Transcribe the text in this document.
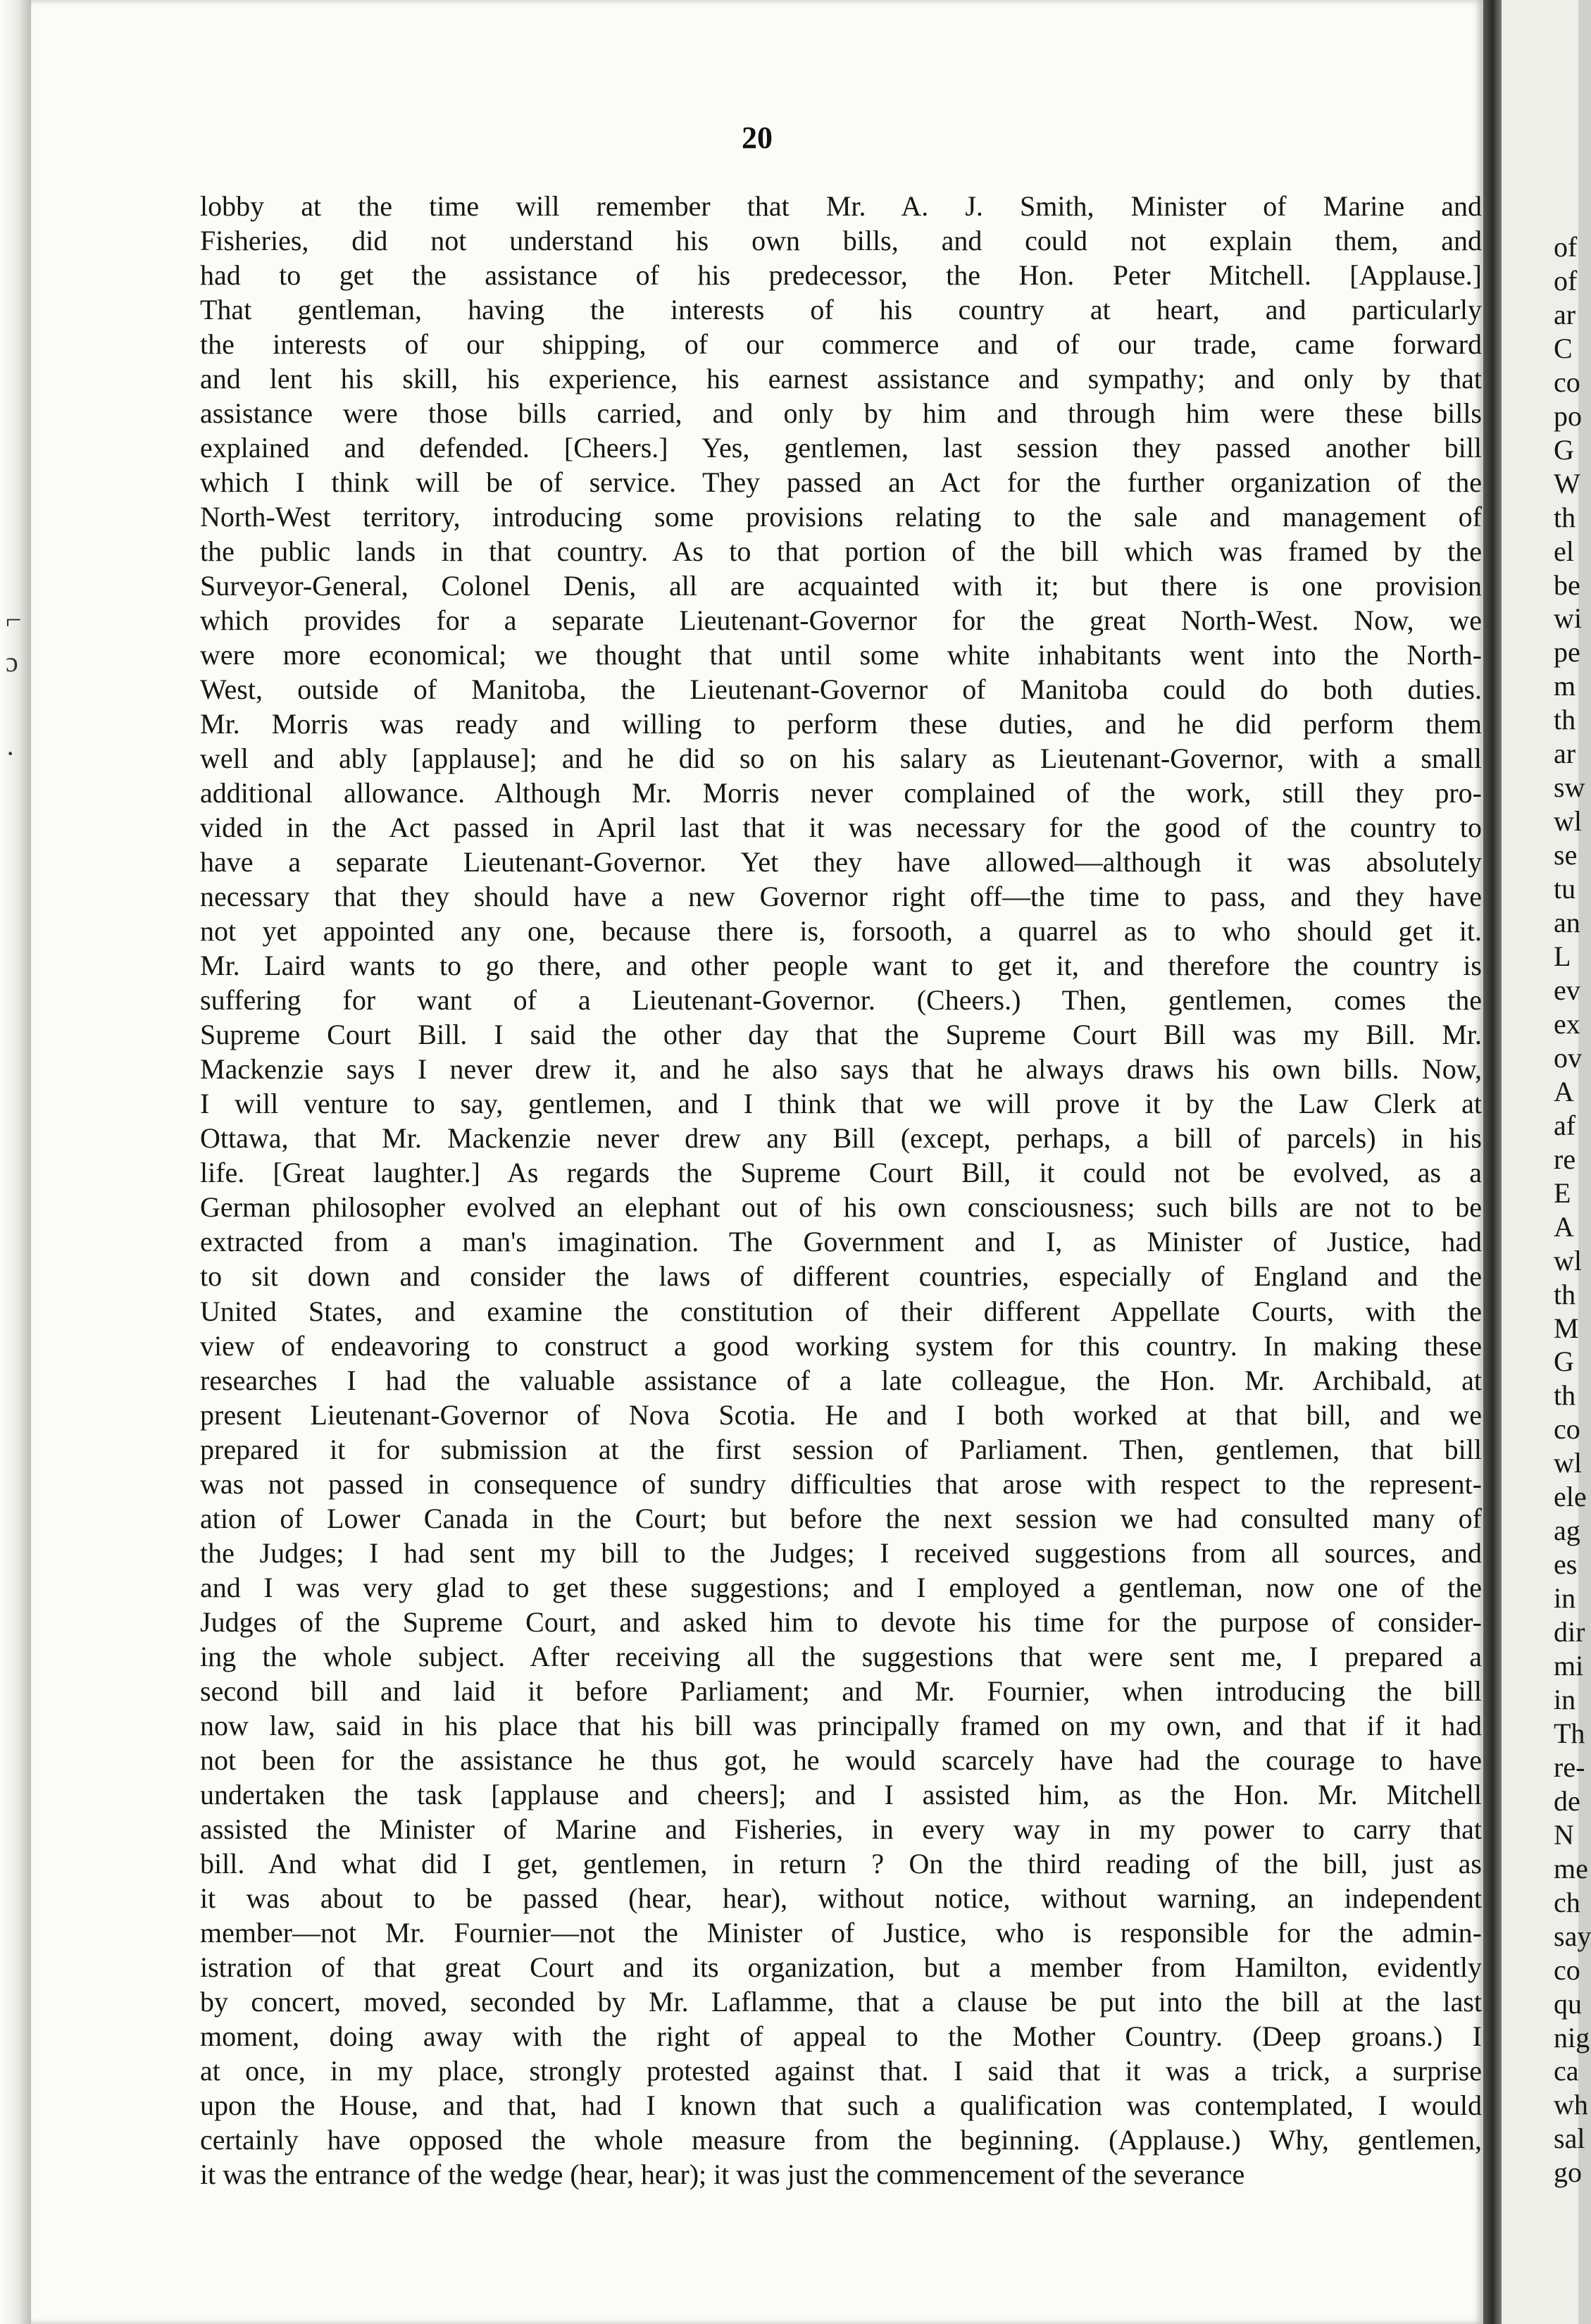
⌐
ɔ
·
20
lobby at the time will remember that Mr. A. J. Smith, Minister of Marine and
Fisheries, did not understand his own bills, and could not explain them, and
had to get the assistance of his predecessor, the Hon. Peter Mitchell. [Applause.]
That gentleman, having the interests of his country at heart, and particularly
the interests of our shipping, of our commerce and of our trade, came forward
and lent his skill, his experience, his earnest assistance and sympathy; and only by that
assistance were those bills carried, and only by him and through him were these bills
explained and defended. [Cheers.] Yes, gentlemen, last session they passed another bill
which I think will be of service. They passed an Act for the further organization of the
North-West territory, introducing some provisions relating to the sale and management of
the public lands in that country. As to that portion of the bill which was framed by the
Surveyor-General, Colonel Denis, all are acquainted with it; but there is one provision
which provides for a separate Lieutenant-Governor for the great North-West. Now, we
were more economical; we thought that until some white inhabitants went into the North-
West, outside of Manitoba, the Lieutenant-Governor of Manitoba could do both duties.
Mr. Morris was ready and willing to perform these duties, and he did perform them
well and ably [applause]; and he did so on his salary as Lieutenant-Governor, with a small
additional allowance. Although Mr. Morris never complained of the work, still they pro-
vided in the Act passed in April last that it was necessary for the good of the country to
have a separate Lieutenant-Governor. Yet they have allowed—although it was absolutely
necessary that they should have a new Governor right off—the time to pass, and they have
not yet appointed any one, because there is, forsooth, a quarrel as to who should get it.
Mr. Laird wants to go there, and other people want to get it, and therefore the country is
suffering for want of a Lieutenant-Governor. (Cheers.) Then, gentlemen, comes the
Supreme Court Bill. I said the other day that the Supreme Court Bill was my Bill. Mr.
Mackenzie says I never drew it, and he also says that he always draws his own bills. Now,
I will venture to say, gentlemen, and I think that we will prove it by the Law Clerk at
Ottawa, that Mr. Mackenzie never drew any Bill (except, perhaps, a bill of parcels) in his
life. [Great laughter.] As regards the Supreme Court Bill, it could not be evolved, as a
German philosopher evolved an elephant out of his own consciousness; such bills are not to be
extracted from a man's imagination. The Government and I, as Minister of Justice, had
to sit down and consider the laws of different countries, especially of England and the
United States, and examine the constitution of their different Appellate Courts, with the
view of endeavoring to construct a good working system for this country. In making these
researches I had the valuable assistance of a late colleague, the Hon. Mr. Archibald, at
present Lieutenant-Governor of Nova Scotia. He and I both worked at that bill, and we
prepared it for submission at the first session of Parliament. Then, gentlemen, that bill
was not passed in consequence of sundry difficulties that arose with respect to the represent-
ation of Lower Canada in the Court; but before the next session we had consulted many of
the Judges; I had sent my bill to the Judges; I received suggestions from all sources, and
and I was very glad to get these suggestions; and I employed a gentleman, now one of the
Judges of the Supreme Court, and asked him to devote his time for the purpose of consider-
ing the whole subject. After receiving all the suggestions that were sent me, I prepared a
second bill and laid it before Parliament; and Mr. Fournier, when introducing the bill
now law, said in his place that his bill was principally framed on my own, and that if it had
not been for the assistance he thus got, he would scarcely have had the courage to have
undertaken the task [applause and cheers]; and I assisted him, as the Hon. Mr. Mitchell
assisted the Minister of Marine and Fisheries, in every way in my power to carry that
bill. And what did I get, gentlemen, in return ? On the third reading of the bill, just as
it was about to be passed (hear, hear), without notice, without warning, an independent
member—not Mr. Fournier—not the Minister of Justice, who is responsible for the admin-
istration of that great Court and its organization, but a member from Hamilton, evidently
by concert, moved, seconded by Mr. Laflamme, that a clause be put into the bill at the last
moment, doing away with the right of appeal to the Mother Country. (Deep groans.) I
at once, in my place, strongly protested against that. I said that it was a trick, a surprise
upon the House, and that, had I known that such a qualification was contemplated, I would
certainly have opposed the whole measure from the beginning. (Applause.) Why, gentlemen,
it was the entrance of the wedge (hear, hear); it was just the commencement of the severance
of
of
ar
C
co
po
G
W
th
el
be
wi
pe
m
th
ar
sw
wl
se
tu
an
L
ev
ex
ov
A
af
re
E
A
wl
th
M
G
th
co
wl
ele
ag
es
in
dir
mi
in
Th
re-
de
N
me
ch
say
co
qu
nig
ca
wh
sal
go
